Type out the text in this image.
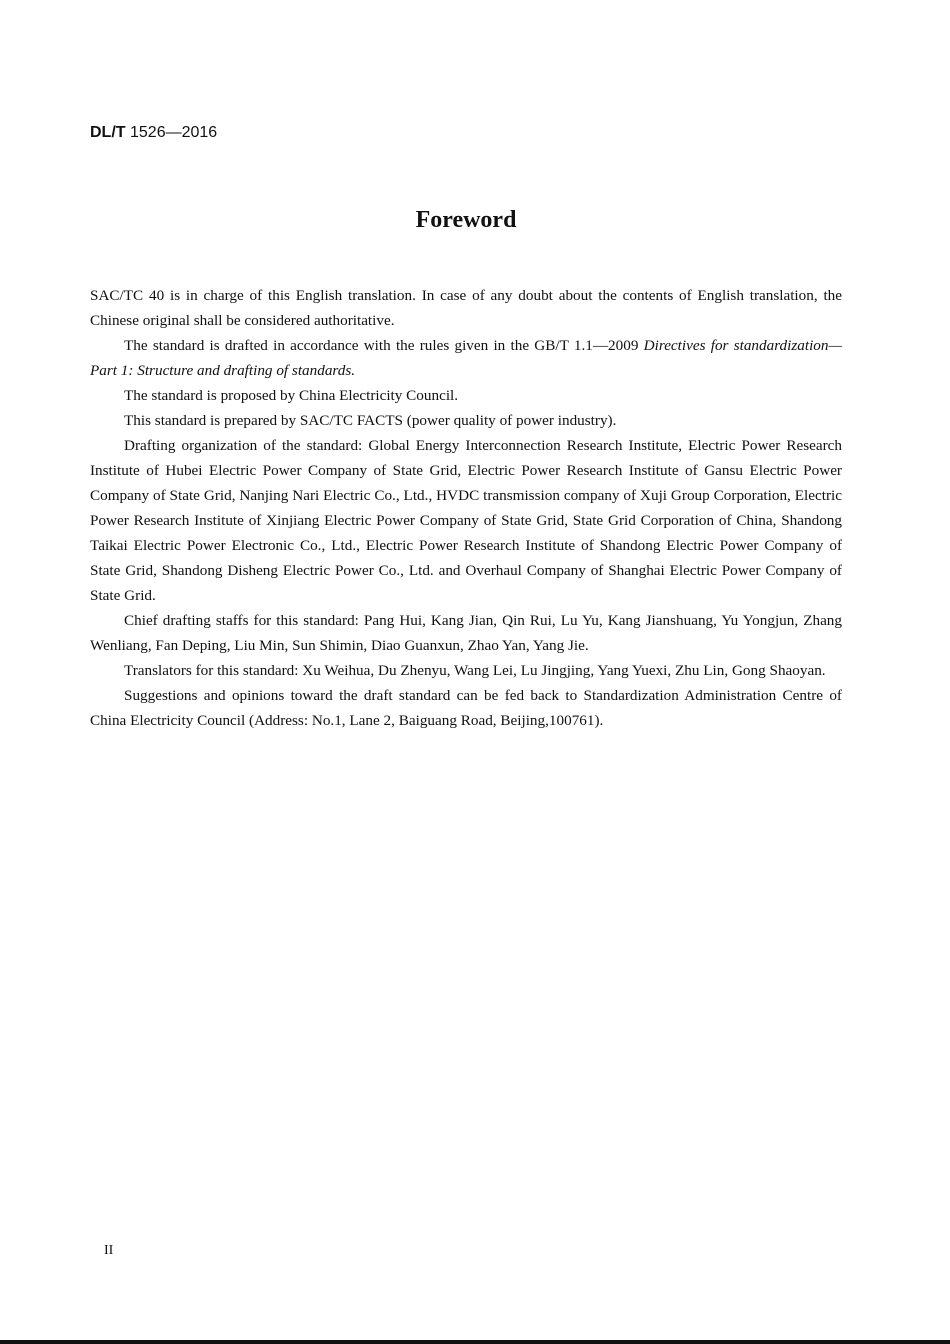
DL/T 1526—2016
Foreword

SAC/TC 40 is in charge of this English translation. In case of any doubt about the contents of English translation, the Chinese original shall be considered authoritative.

The standard is drafted in accordance with the rules given in the GB/T 1.1—2009 Directives for standardization— Part 1: Structure and drafting of standards.

The standard is proposed by China Electricity Council.

This standard is prepared by SAC/TC FACTS (power quality of power industry).

Drafting organization of the standard: Global Energy Interconnection Research Institute, Electric Power Research Institute of Hubei Electric Power Company of State Grid, Electric Power Research Institute of Gansu Electric Power Company of State Grid, Nanjing Nari Electric Co., Ltd., HVDC transmission company of Xuji Group Corporation, Electric Power Research Institute of Xinjiang Electric Power Company of State Grid, State Grid Corporation of China, Shandong Taikai Electric Power Electronic Co., Ltd., Electric Power Research Institute of Shandong Electric Power Company of State Grid, Shandong Disheng Electric Power Co., Ltd. and Overhaul Company of Shanghai Electric Power Company of State Grid.

Chief drafting staffs for this standard: Pang Hui, Kang Jian, Qin Rui, Lu Yu, Kang Jianshuang, Yu Yongjun, Zhang Wenliang, Fan Deping, Liu Min, Sun Shimin, Diao Guanxun, Zhao Yan, Yang Jie.

Translators for this standard: Xu Weihua, Du Zhenyu, Wang Lei, Lu Jingjing, Yang Yuexi, Zhu Lin, Gong Shaoyan.

Suggestions and opinions toward the draft standard can be fed back to Standardization Administration Centre of China Electricity Council (Address: No.1, Lane 2, Baiguang Road, Beijing,100761).

II
